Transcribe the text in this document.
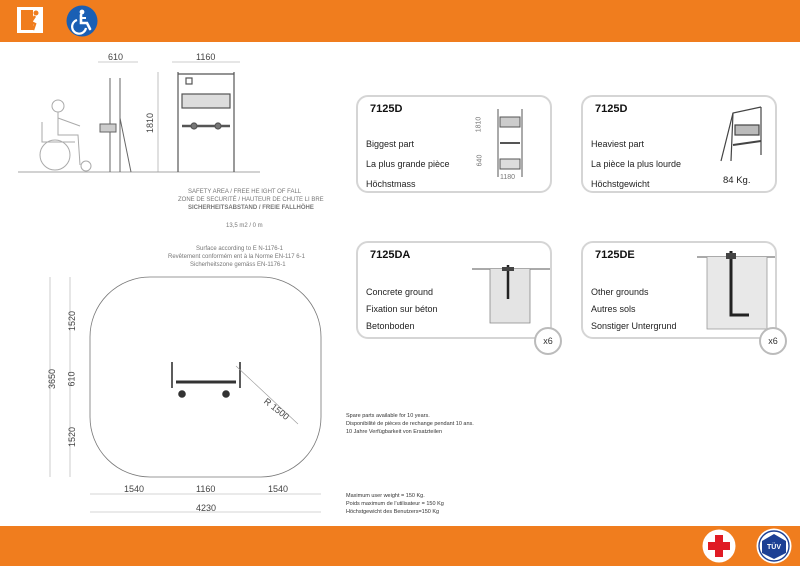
TÜV
610	1160
1810
SAFETY AREA / FREE HE IGHT OF FALL
ZONE DE SECURITÉ / HAUTEUR DE CHUTE LI BRE
SICHERHEITSABSTAND / FREIE FALLHÖHE
13,5 m2 / 0 m
Surface according to E N-1176-1
Revêtement conformém ent à la Norme EN-117 6-1
Sicherheitszone gemäss EN-1176-1
1520
610
1520
3650
1540	1160	1540
4230
R 1500	Spare parts available for 10 years.
Disponibilité de pièces de rechange pendant 10 ans.
10 Jahre Verfügbarkeit von Ersatzteilen
Maximum user weight = 150 Kg.
Poids maximum de l'utilisateur = 150 Kg
Höchstgewicht des Benutzers=150 Kg
7125D
Biggest part
La plus grande pièce
Höchstmass
1810
640
1180
7125D
Heaviest part
La pièce la plus lourde
Höchstgewicht	84 Kg.
7125DA
Concrete ground
Fixation sur béton
Betonboden
x6
7125DE
Other grounds
Autres sols
Sonstiger Untergrund
x6
